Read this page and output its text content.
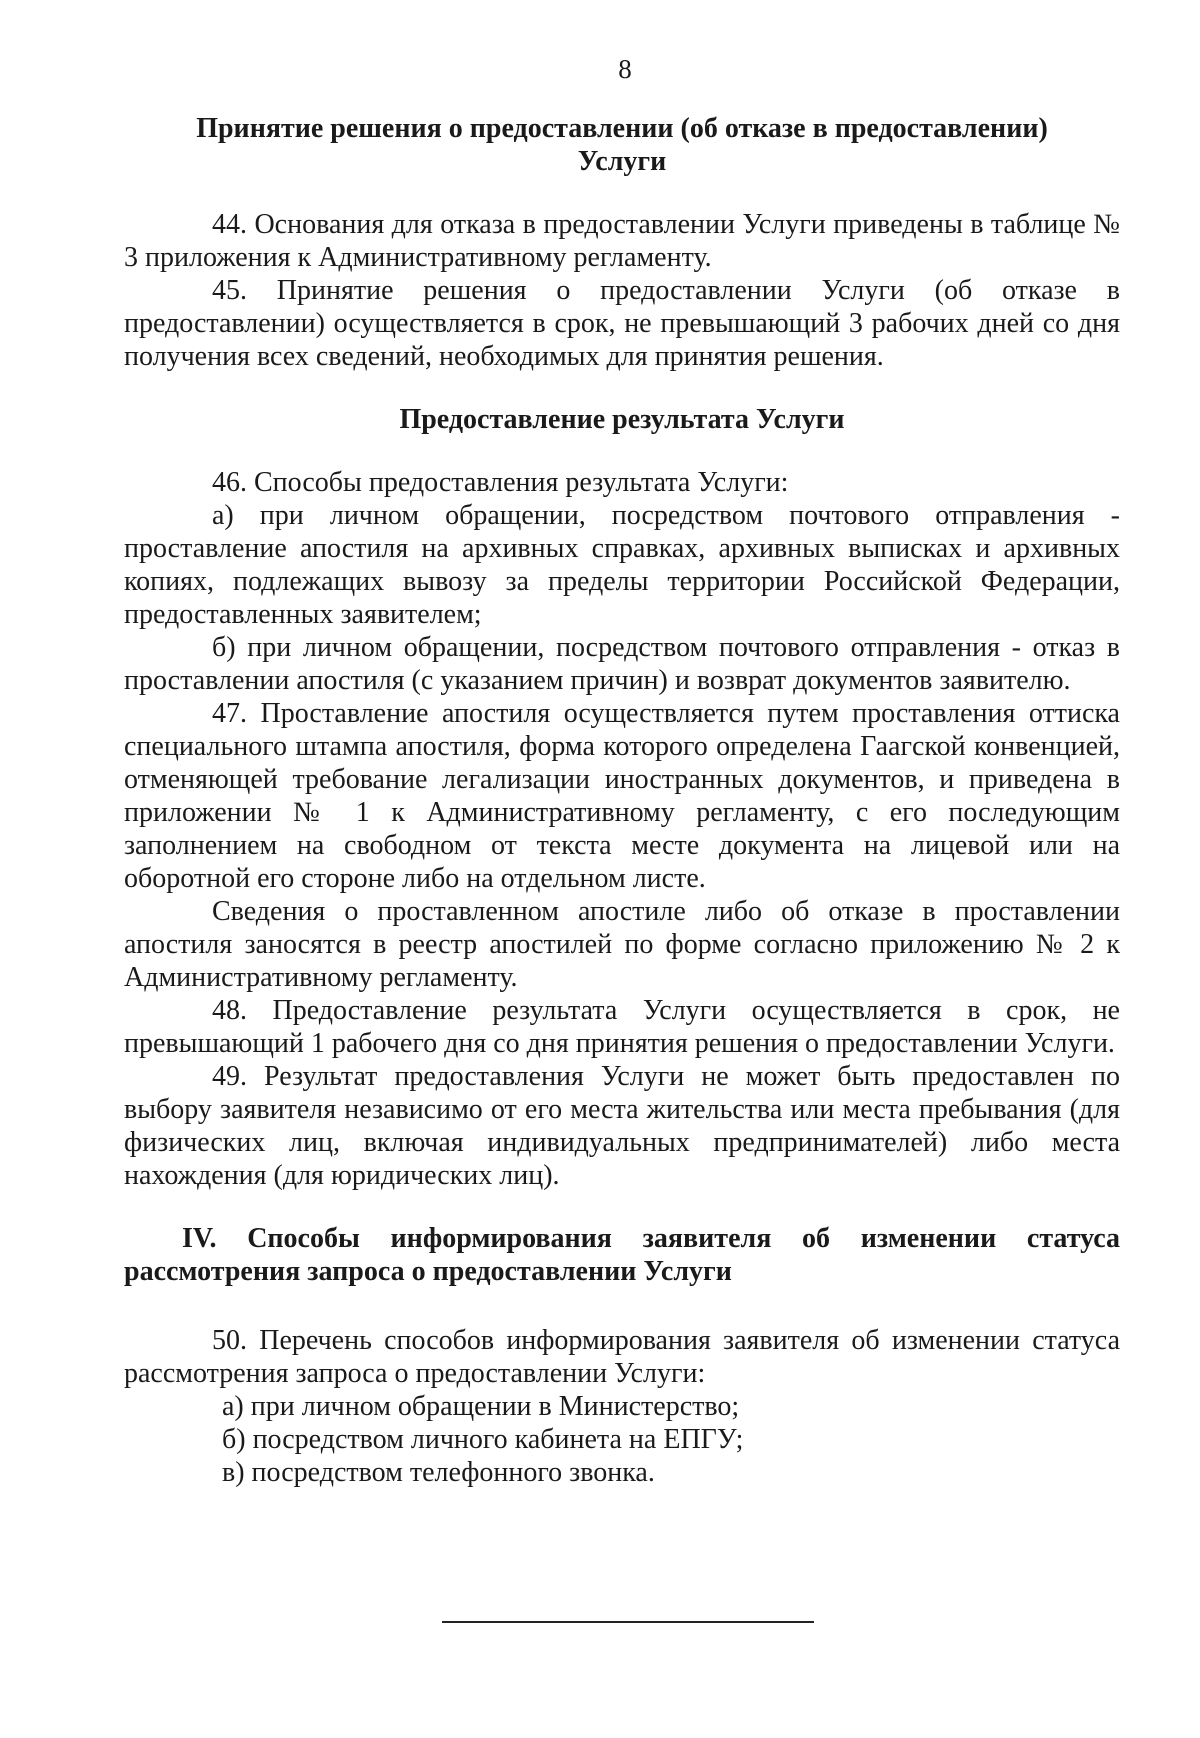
8
Принятие решения о предоставлении (об отказе в предоставлении)
Услуги

44. Основания для отказа в предоставлении Услуги приведены в таблице № 3 приложения к Административному регламенту.

45. Принятие решения о предоставлении Услуги (об отказе в предоставлении) осуществляется в срок, не превышающий 3 рабочих дней со дня получения всех сведений, необходимых для принятия решения.

Предоставление результата Услуги

46. Способы предоставления результата Услуги:

а) при личном обращении, посредством почтового отправления - проставление апостиля на архивных справках, архивных выписках и архивных копиях, подлежащих вывозу за пределы территории Российской Федерации, предоставленных заявителем;

б) при личном обращении, посредством почтового отправления - отказ в проставлении апостиля (с указанием причин) и возврат документов заявителю.

47. Проставление апостиля осуществляется путем проставления оттиска специального штампа апостиля, форма которого определена Гаагской конвенцией, отменяющей требование легализации иностранных документов, и приведена в приложении № 1 к Административному регламенту, с его последующим заполнением на свободном от текста месте документа на лицевой или на оборотной его стороне либо на отдельном листе.

Сведения о проставленном апостиле либо об отказе в проставлении апостиля заносятся в реестр апостилей по форме согласно приложению № 2 к Административному регламенту.

48. Предоставление результата Услуги осуществляется в срок, не превышающий 1 рабочего дня со дня принятия решения о предоставлении Услуги.

49. Результат предоставления Услуги не может быть предоставлен по выбору заявителя независимо от его места жительства или места пребывания (для физических лиц, включая индивидуальных предпринимателей) либо места нахождения (для юридических лиц).

IV. Способы информирования заявителя об изменении статуса
рассмотрения запроса о предоставлении Услуги

50. Перечень способов информирования заявителя об изменении статуса рассмотрения запроса о предоставлении Услуги:

а) при личном обращении в Министерство;

б) посредством личного кабинета на ЕПГУ;

в) посредством телефонного звонка.
